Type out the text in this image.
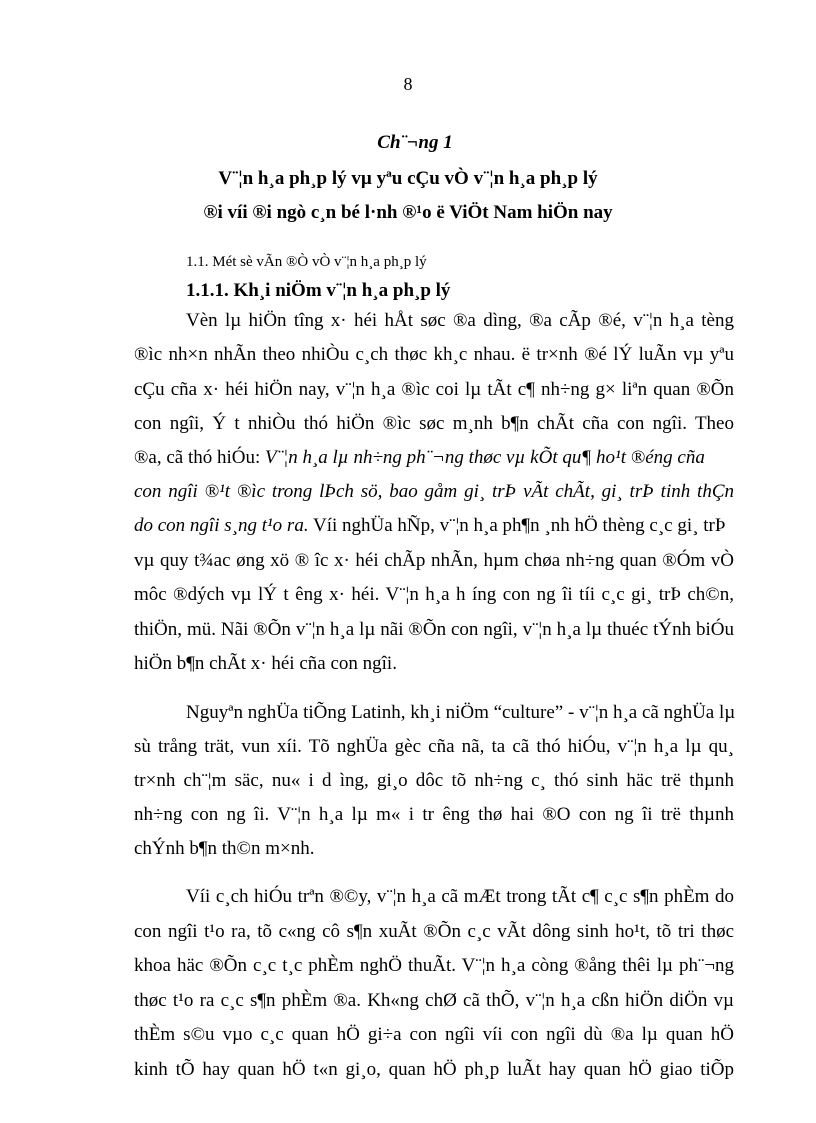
8
Ch¨¬ng 1
V¨¦n h¸a ph¸p lý vµ yªu cÇu vÒ v¨¦n h¸a ph¸p lý
®i víi ®i ngò c¸n bé l·nh ®¹o ë ViÖt Nam hiÖn nay
1.1. Mét sè vÃn ®Ò vÒ v¨¦n h¸a ph¸p lý
1.1.1. Kh¸i niÖm v¨¦n h¸a ph¸p lý
Vèn lµ hiÖn tîng x· héi hÅt søc ®a dìng, ®a cÃp ®é, v¨¦n h¸a tèng
®ìc nh×n nhÃn theo nhiÒu c¸ch thøc kh¸c nhau. ë tr×nh ®é lÝ luÃn vµ yªu
cÇu cña x· héi hiÖn nay, v¨¦n h¸a ®ìc coi lµ tÃt c¶ nh÷ng g× liªn quan ®Õn
con ngîi, Ý t nhiÒu thó hiÖn ®ìc søc m¸nh b¶n chÃt cña con ngîi. Theo
®a, cã thó hiÓu: V¨¦n h¸a lµ nh÷ng ph¨¬ng thøc vµ kÕt qu¶ ho¹t ®éng cña
con ngîi ®¹t ®ìc trong lÞch sö, bao gåm gi¸ trÞ vÃt chÃt, gi¸ trÞ tinh thÇn
do con ngîi s¸ng t¹o ra. Víi nghÜa hÑp, v¨¦n h¸a ph¶n ¸nh hÖ thèng c¸c gi¸ trÞ
vµ quy t¾ac øng xö ® îc x· héi chÃp nhÃn, hµm chøa nh÷ng quan ®Óm vÒ
môc ®dých vµ lÝ t êng x· héi. V¨¦n h¸a h íng con ng îi tíi c¸c gi¸ trÞ ch©n,
thiÖn, mü. Nãi ®Õn v¨¦n h¸a lµ nãi ®Õn con ngîi, v¨¦n h¸a lµ thuéc tÝnh biÓu
hiÖn b¶n chÃt x· héi cña con ngîi.
Nguyªn nghÜa tiÕng Latinh, kh¸i niÖm “culture” - v¨¦n h¸a cã nghÜa lµ
sù trång trät, vun xíi. Tõ nghÜa gèc cña nã, ta cã thó hiÓu, v¨¦n h¸a lµ qu¸
tr×nh ch¨¦m säc, nu« i d ìng, gi¸o dôc tõ nh÷ng c¸ thó sinh häc trë thµnh
nh÷ng con ng îi. V¨¦n h¸a lµ m« i tr êng thø hai ®O con ng îi trë thµnh
chÝnh b¶n th©n m×nh.
Víi c¸ch hiÓu trªn ®©y, v¨¦n h¸a cã mÆt trong tÃt c¶ c¸c s¶n phÈm do
con ngîi t¹o ra, tõ c«ng cô s¶n xuÃt ®Õn c¸c vÃt dông sinh ho¹t, tõ tri thøc
khoa häc ®Õn c¸c t¸c phÈm nghÖ thuÃt. V¨¦n h¸a còng ®ång thêi lµ ph¨¬ng
thøc t¹o ra c¸c s¶n phÈm ®a. Kh«ng chØ cã thÕ, v¨¦n h¸a cßn hiÖn diÖn vµ
thÈm s©u vµo c¸c quan hÖ gi÷a con ngîi víi con ngîi dù ®a lµ quan hÖ
kinh tÕ hay quan hÖ t«n gi¸o, quan hÖ ph¸p luÃt hay quan hÖ giao tiÕp
